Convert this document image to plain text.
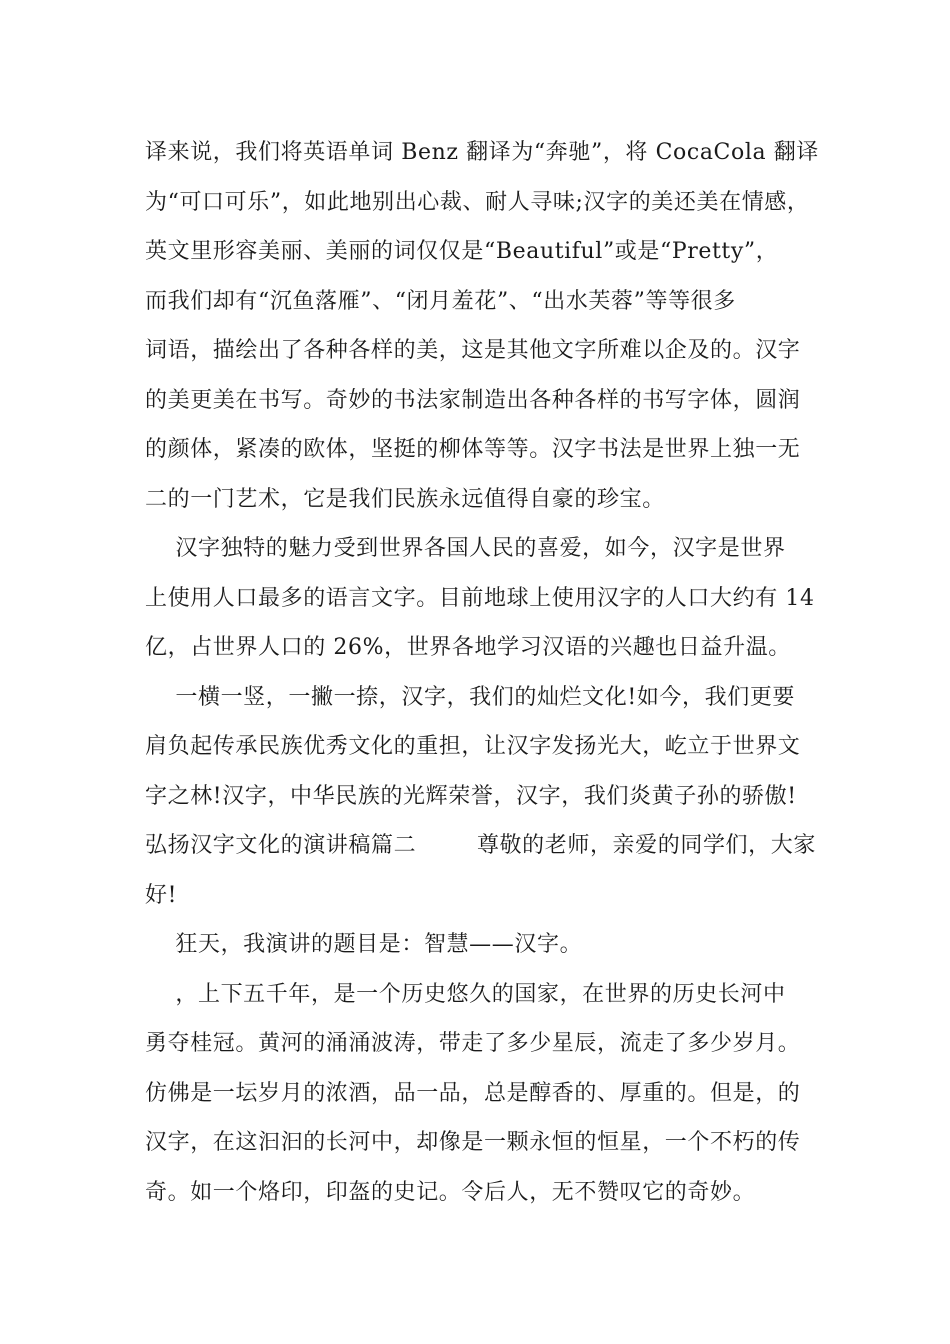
译来说，我们将英语单词 Benz 翻译为“奔驰”，将 CocaCola 翻译
为“可口可乐”，如此地别出心裁、耐人寻味;汉字的美还美在情感，
英文里形容美丽、美丽的词仅仅是“Beautiful”或是“Pretty”，
而我们却有“沉鱼落雁”、“闭月羞花”、“出水芙蓉”等等很多
词语，描绘出了各种各样的美，这是其他文字所难以企及的。汉字
的美更美在书写。奇妙的书法家制造出各种各样的书写字体，圆润
的颜体，紧凑的欧体，坚挺的柳体等等。汉字书法是世界上独一无
二的一门艺术，它是我们民族永远值得自豪的珍宝。
汉字独特的魅力受到世界各国人民的喜爱，如今，汉字是世界
上使用人口最多的语言文字。目前地球上使用汉字的人口大约有 14
亿，占世界人口的 26%，世界各地学习汉语的兴趣也日益升温。
一横一竖，一撇一捺，汉字，我们的灿烂文化!如今，我们更要
肩负起传承民族优秀文化的重担，让汉字发扬光大，屹立于世界文
字之林!汉字，中华民族的光辉荣誉，汉字，我们炎黄子孙的骄傲!
弘扬汉字文化的演讲稿篇二        尊敬的老师，亲爱的同学们，大家
好!
狂天，我演讲的题目是：智慧——汉字。
，上下五千年，是一个历史悠久的国家，在世界的历史长河中
勇夺桂冠。黄河的涌涌波涛，带走了多少星辰，流走了多少岁月。
仿佛是一坛岁月的浓酒，品一品，总是醇香的、厚重的。但是，的
汉字，在这汩汩的长河中，却像是一颗永恒的恒星，一个不朽的传
奇。如一个烙印，印盔的史记。令后人，无不赞叹它的奇妙。
